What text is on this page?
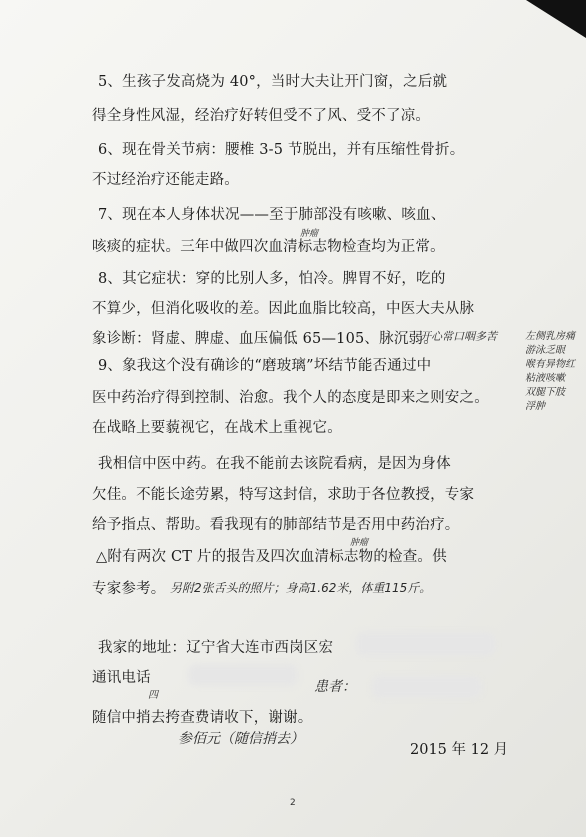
5、生孩子发高烧为 40°，当时大夫让开门窗，之后就
得全身性风湿，经治疗好转但受不了风、受不了凉。
6、现在骨关节病：腰椎 3-5 节脱出，并有压缩性骨折。
不过经治疗还能走路。
7、现在本人身体状况——至于肺部没有咳嗽、咳血、
咳痰的症状。三年中做四次血清标志物检查均为正常。
8、其它症状：穿的比别人多，怕冷。脾胃不好，吃的
不算少，但消化吸收的差。因此血脂比较高，中医大夫从脉
象诊断：肾虚、脾虚、血压偏低 65—105、脉沉弱。
9、象我这个没有确诊的“磨玻璃”坏结节能否通过中
医中药治疗得到控制、治愈。我个人的态度是即来之则安之。
在战略上要藐视它，在战术上重视它。
我相信中医中药。在我不能前去该院看病，是因为身体
欠佳。不能长途劳累，特写这封信，求助于各位教授，专家
给予指点、帮助。看我现有的肺部结节是否用中药治疗。
△附有两次 CT 片的报告及四次血清标志物的检查。供
专家参考。
我家的地址：辽宁省大连市西岗区宏
通讯电话
随信中捎去挎查费请收下，谢谢。
肿瘤
开心常口咽多苦	左侧乳房痛
游泳乏眼
喉有异物红
粘液咳嗽
双腿下肢
浮肿
肿瘤
另附2张舌头的照片；身高1.62米，体重115斤。
患者：
四
参佰元（随信捎去）
2015 年 12 月
2
